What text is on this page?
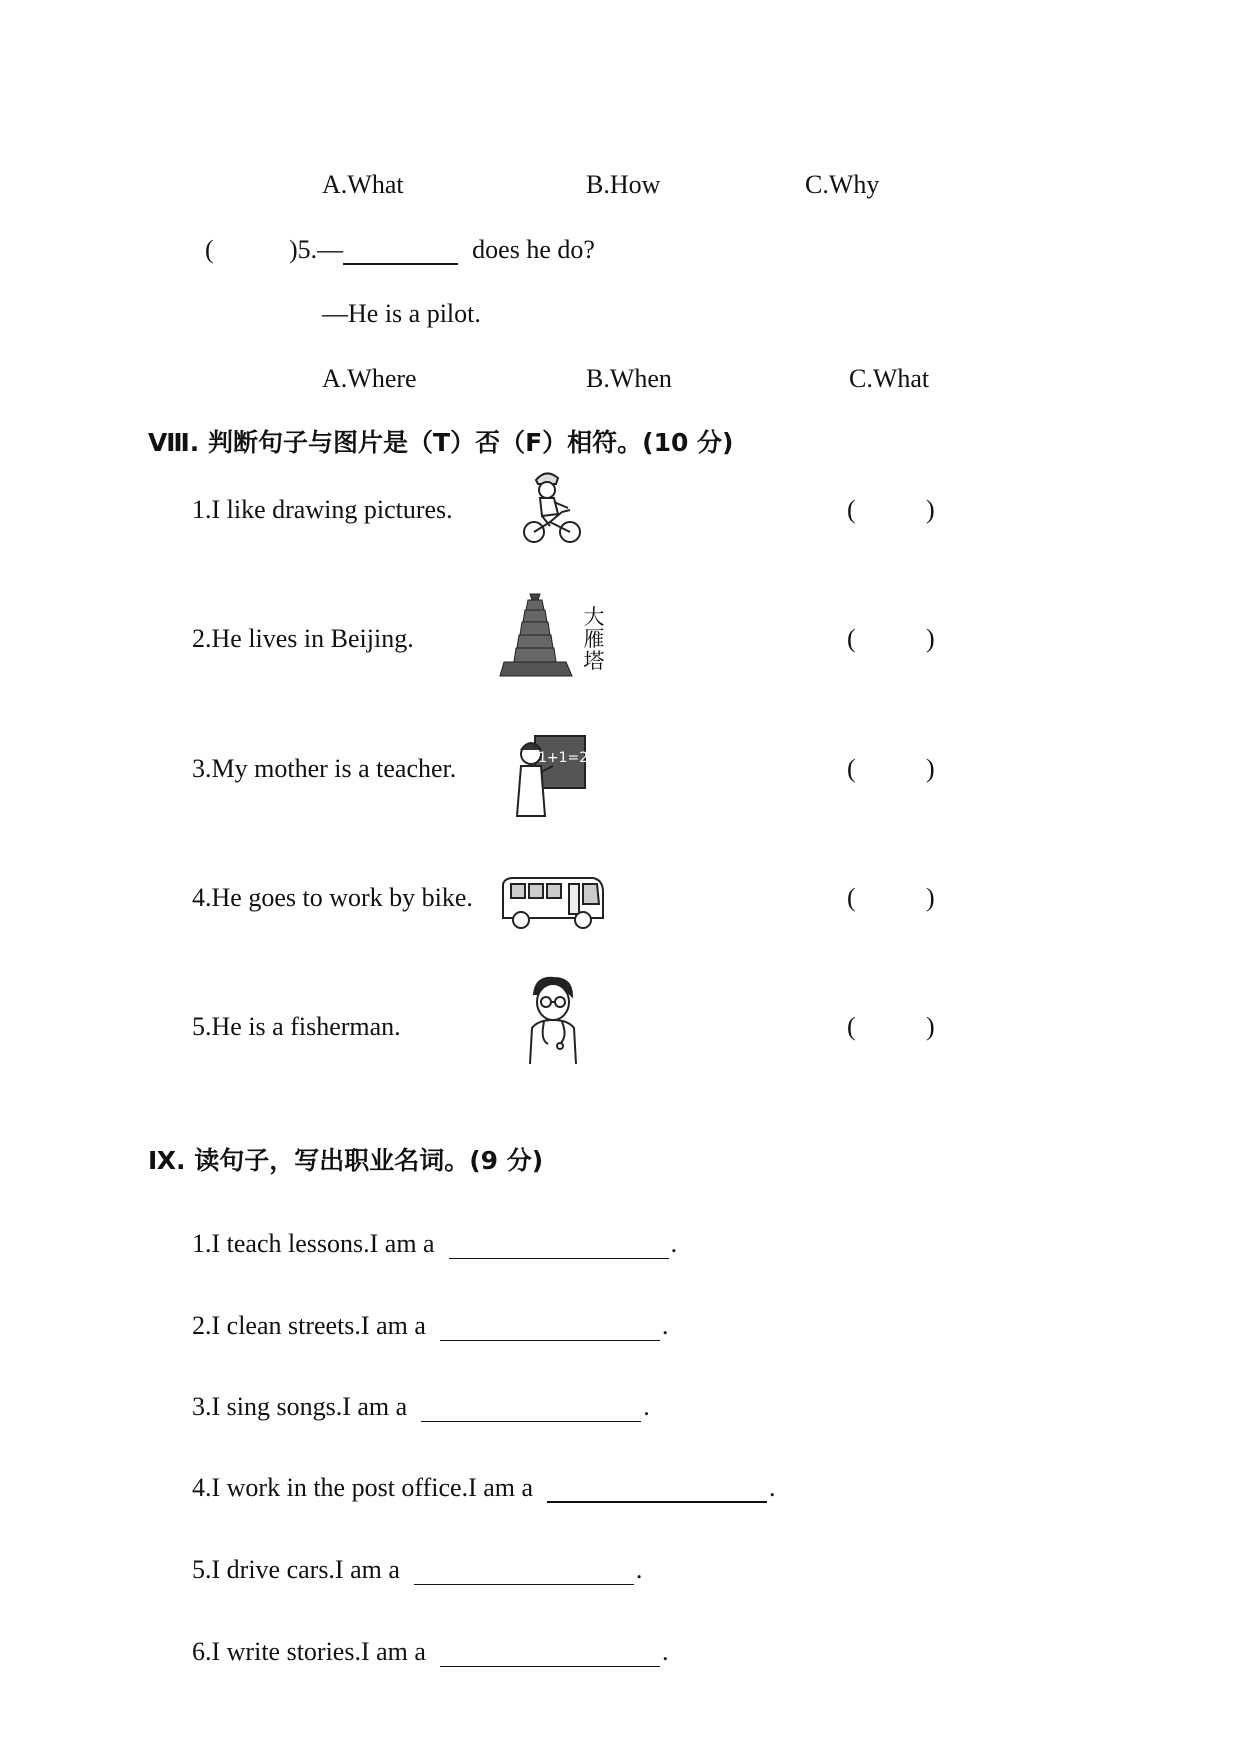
A.What	B.How	C.Why
(	)5.—	does he do?
—He is a pilot.
A.Where	B.When	C.What
Ⅷ. 判断句子与图片是（T）否（F）相符。(10 分)
1.I like drawing pictures.	(	)
2.He lives in Beijing.
大雁塔
(	)
3.My mother is a teacher.	1+1=2	(	)
4.He goes to work by bike.	(	)
5.He is a fisherman.	(	)
Ⅸ. 读句子，写出职业名词。(9 分)
1.I teach lessons.I am a	.
2.I clean streets.I am a	.
3.I sing songs.I am a	.
4.I work in the post office.I am a	.
5.I drive cars.I am a	.
6.I write stories.I am a	.
